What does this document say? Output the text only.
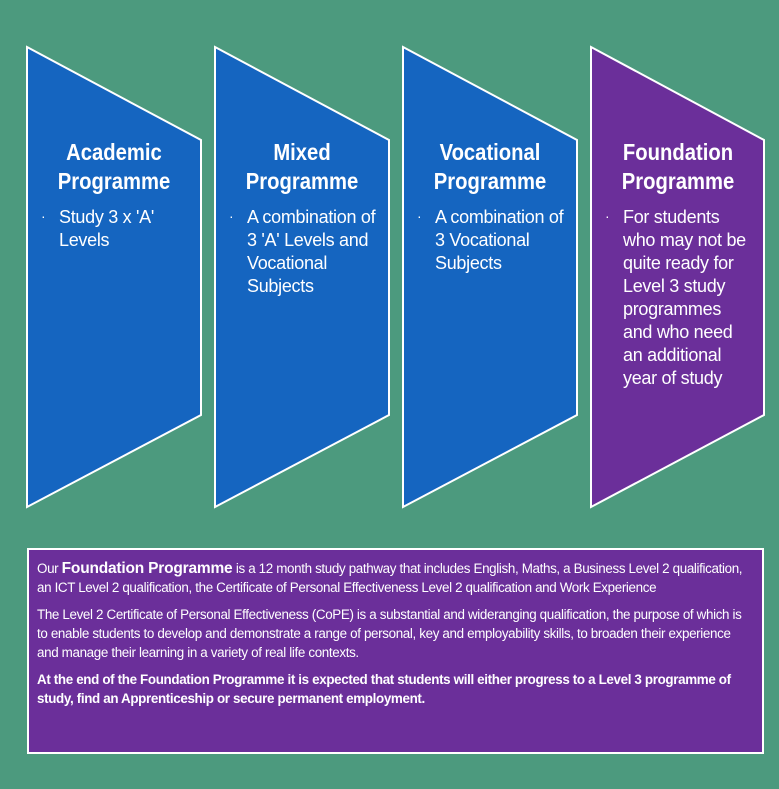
Academic
Programme
· Study 3 x 'A' Levels
Mixed
Programme
· A combination of 3 'A' Levels and Vocational Subjects
Vocational
Programme
· A combination of 3 Vocational Subjects
Foundation
Programme
· For students who may not be quite ready for Level 3 study programmes and who need an additional year of study

Our Foundation Programme is a 12 month study pathway that includes English, Maths, a Business Level 2 qualification, an ICT Level 2 qualification, the Certificate of Personal Effectiveness Level 2 qualification and Work Experience

The Level 2 Certificate of Personal Effectiveness (CoPE) is a substantial and wideranging qualification, the purpose of which is to enable students to develop and demonstrate a range of personal, key and employability skills, to broaden their experience and manage their learning in a variety of real life contexts.

At the end of the Foundation Programme it is expected that students will either progress to a Level 3 programme of study, find an Apprenticeship or secure permanent employment.
